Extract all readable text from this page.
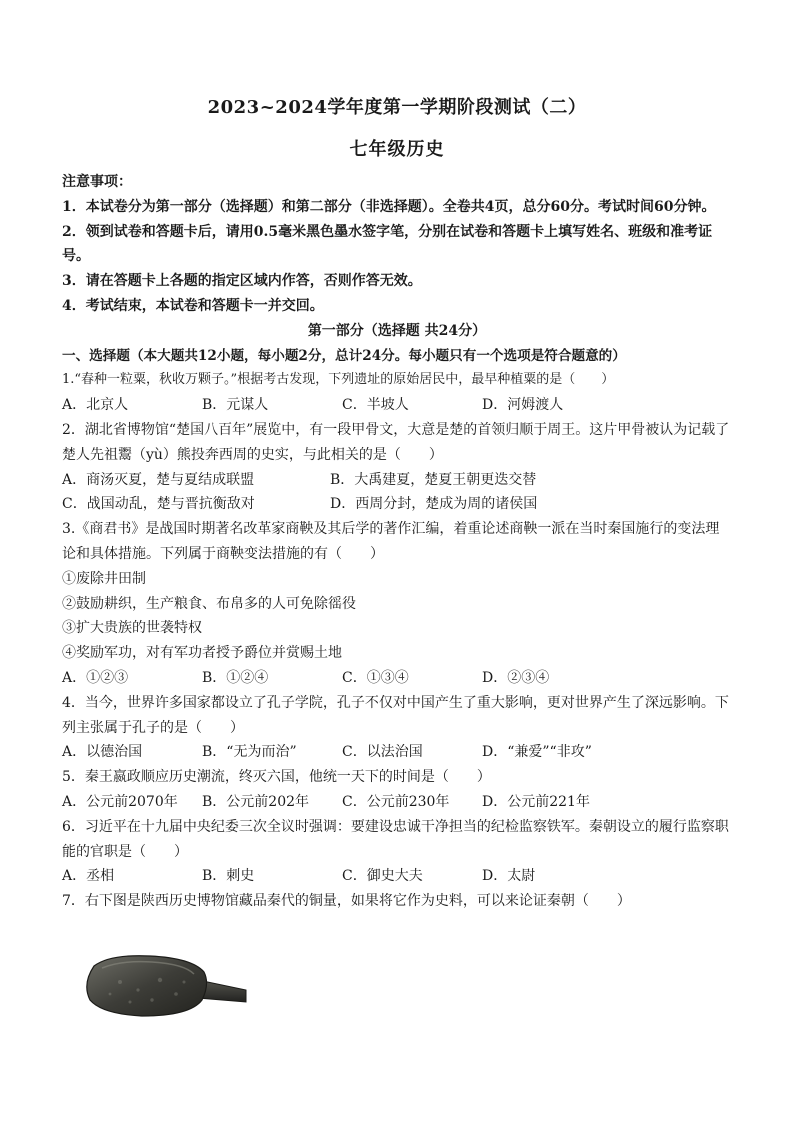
2023~2024学年度第一学期阶段测试（二）
七年级历史
注意事项：
1．本试卷分为第一部分（选择题）和第二部分（非选择题）。全卷共4页，总分60分。考试时间60分钟。
2．领到试卷和答题卡后，请用0.5毫米黑色墨水签字笔，分别在试卷和答题卡上填写姓名、班级和准考证号。
3．请在答题卡上各题的指定区域内作答，否则作答无效。
4．考试结束，本试卷和答题卡一并交回。
第一部分（选择题 共24分）
一、选择题（本大题共12小题，每小题2分，总计24分。每小题只有一个选项是符合题意的）
1.“春种一粒粟，秋收万颗子。”根据考古发现，下列遗址的原始居民中，最早种植粟的是（　　）
A．北京人	B．元谋人	C．半坡人	D．河姆渡人
2．湖北省博物馆“楚国八百年”展览中，有一段甲骨文，大意是楚的首领归顺于周王。这片甲骨被认为记载了楚人先祖鬻（yù）熊投奔西周的史实，与此相关的是（　　）
A．商汤灭夏，楚与夏结成联盟	B．大禹建夏，楚夏王朝更迭交替
C．战国动乱，楚与晋抗衡敌对	D．西周分封，楚成为周的诸侯国
3.《商君书》是战国时期著名改革家商鞅及其后学的著作汇编，着重论述商鞅一派在当时秦国施行的变法理论和具体措施。下列属于商鞅变法措施的有（　　）
①废除井田制
②鼓励耕织，生产粮食、布帛多的人可免除徭役
③扩大贵族的世袭特权
④奖励军功，对有军功者授予爵位并赏赐土地
A．①②③	B．①②④	C．①③④	D．②③④
4．当今，世界许多国家都设立了孔子学院，孔子不仅对中国产生了重大影响，更对世界产生了深远影响。下列主张属于孔子的是（　　）
A．以德治国	B．“无为而治”	C．以法治国	D．“兼爱”“非攻”
5．秦王嬴政顺应历史潮流，终灭六国，他统一天下的时间是（　　）
A．公元前2070年	B．公元前202年	C．公元前230年	D．公元前221年
6．习近平在十九届中央纪委三次全议时强调：要建设忠诚干净担当的纪检监察铁军。秦朝设立的履行监察职能的官职是（　　）
A．丞相	B．刺史	C．御史大夫	D．太尉
7．右下图是陕西历史博物馆藏品秦代的铜量，如果将它作为史料，可以来论证秦朝（　　）
